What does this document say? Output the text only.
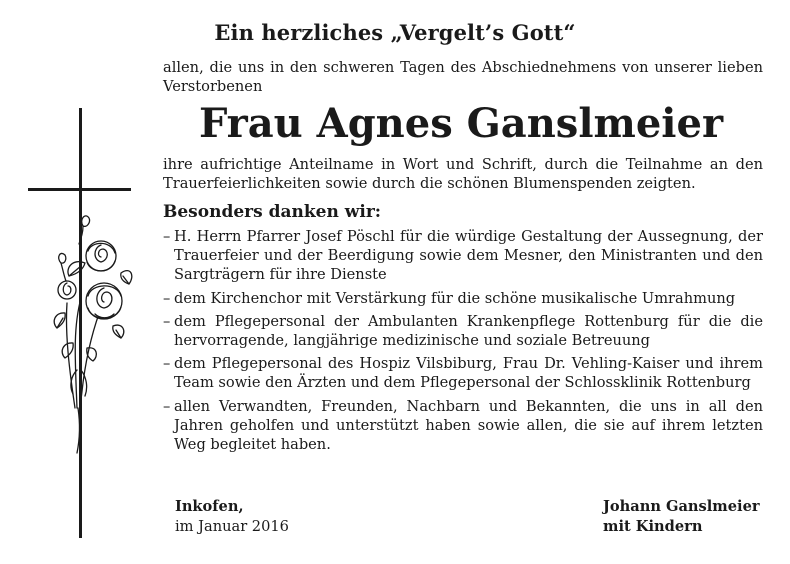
Ein herzliches „Vergelt’s Gott“
allen, die uns in den schweren Tagen des Abschiednehmens von unserer lieben Verstorbenen
Frau Agnes Ganslmeier
ihre aufrichtige Anteilname in Wort und Schrift, durch die Teilnahme an den Trauerfeierlichkeiten sowie durch die schönen Blumenspenden zeigten.
Besonders danken wir:
– H. Herrn Pfarrer Josef Pöschl für die würdige Gestaltung der Aussegnung, der Trauerfeier und der Beerdigung sowie dem Mesner, den Ministranten und den Sargträgern für ihre Dienste
– dem Kirchenchor mit Verstärkung für die schöne musikalische Umrahmung
– dem Pflegepersonal der Ambulanten Krankenpflege Rottenburg für die die hervorragende, langjährige medizinische und soziale Betreuung
– dem Pflegepersonal des Hospiz Vilsbiburg, Frau Dr. Vehling-Kaiser und ihrem Team sowie den Ärzten und dem Pflegepersonal der Schlossklinik Rottenburg
– allen Verwandten, Freunden, Nachbarn und Bekannten, die uns in all den Jahren geholfen und unterstützt haben sowie allen, die sie auf ihrem letzten Weg begleitet haben.
Inkofen,
im Januar 2016
Johann Ganslmeier
mit Kindern
